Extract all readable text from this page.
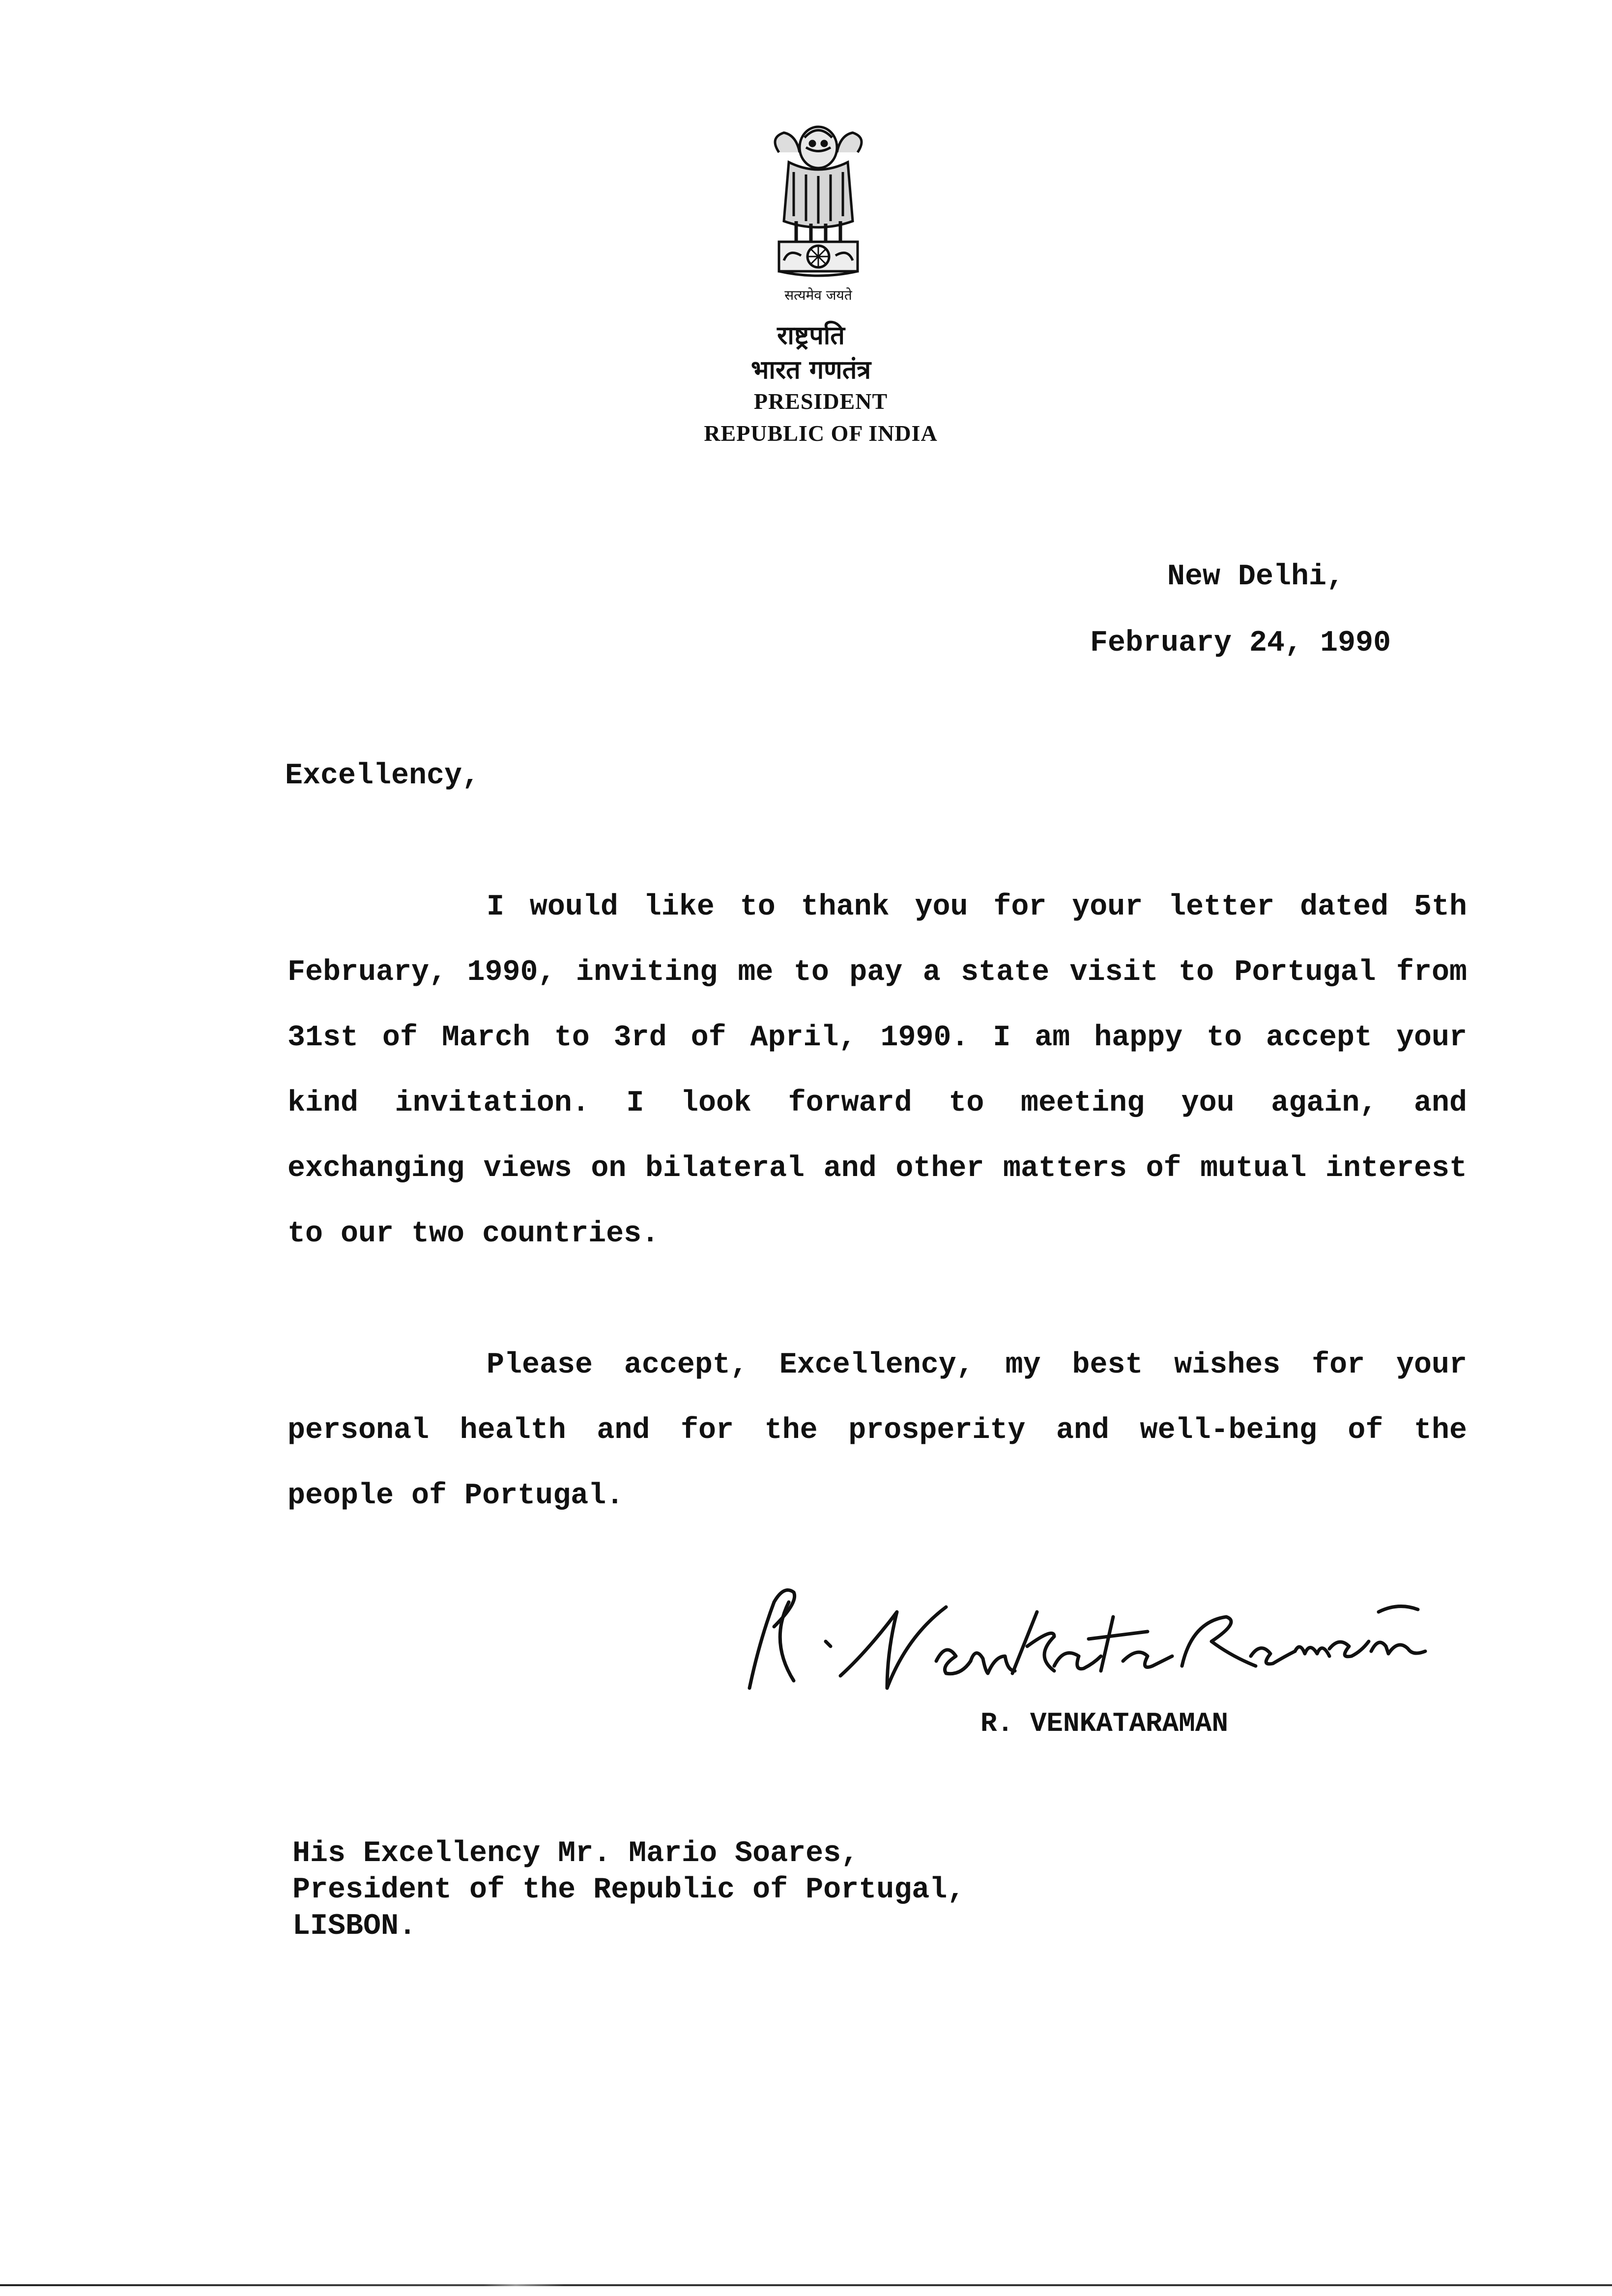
सत्यमेव जयते
राष्ट्रपति
भारत गणतंत्र
PRESIDENT
REPUBLIC OF INDIA
New Delhi,
February 24, 1990
Excellency,

I would like to thank you for your letter dated 5th February, 1990, inviting me to pay a state visit to Portugal from 31st of March to 3rd of April, 1990. I am happy to accept your kind invitation. I look forward to meeting you again, and exchanging views on bilateral and other matters of mutual interest to our two countries.

Please accept, Excellency, my best wishes for your personal health and for the prosperity and well-being of the people of Portugal.

R. VENKATARAMAN
His Excellency Mr. Mario Soares,
President of the Republic of Portugal,
LISBON.
